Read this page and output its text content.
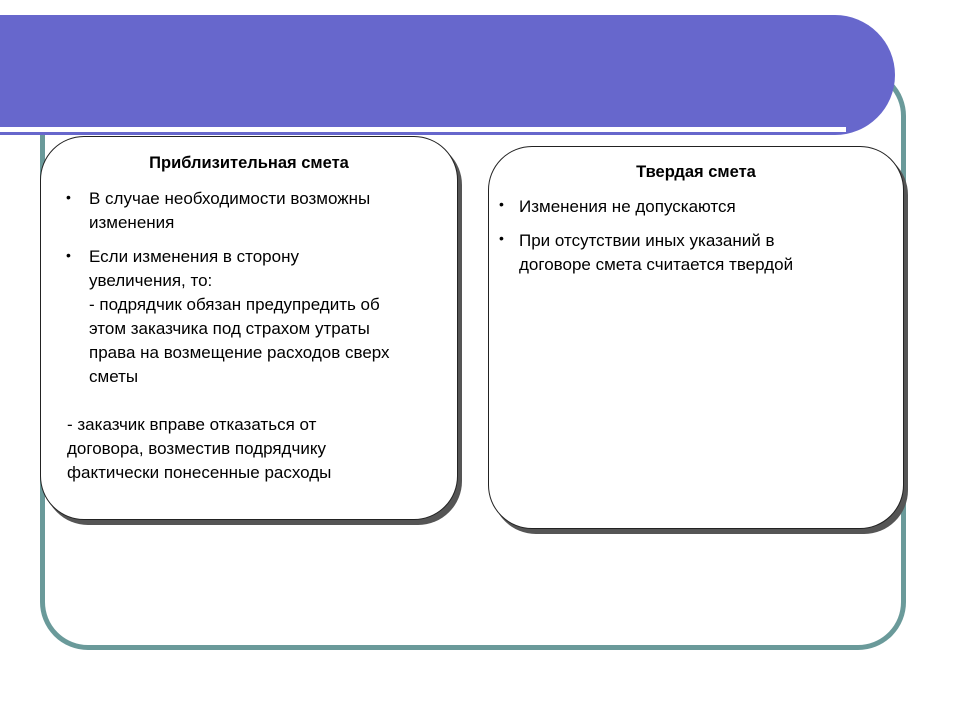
Приблизительная смета
• В случае необходимости возможны
изменения
• Если изменения в сторону
увеличения, то:
- подрядчик обязан предупредить об
этом заказчика под страхом утраты
права на возмещение расходов сверх
сметы
- заказчик вправе отказаться от
договора, возместив подрядчику
фактически понесенные расходы
Твердая смета
• Изменения не допускаются
• При отсутствии иных указаний в
договоре смета считается твердой
